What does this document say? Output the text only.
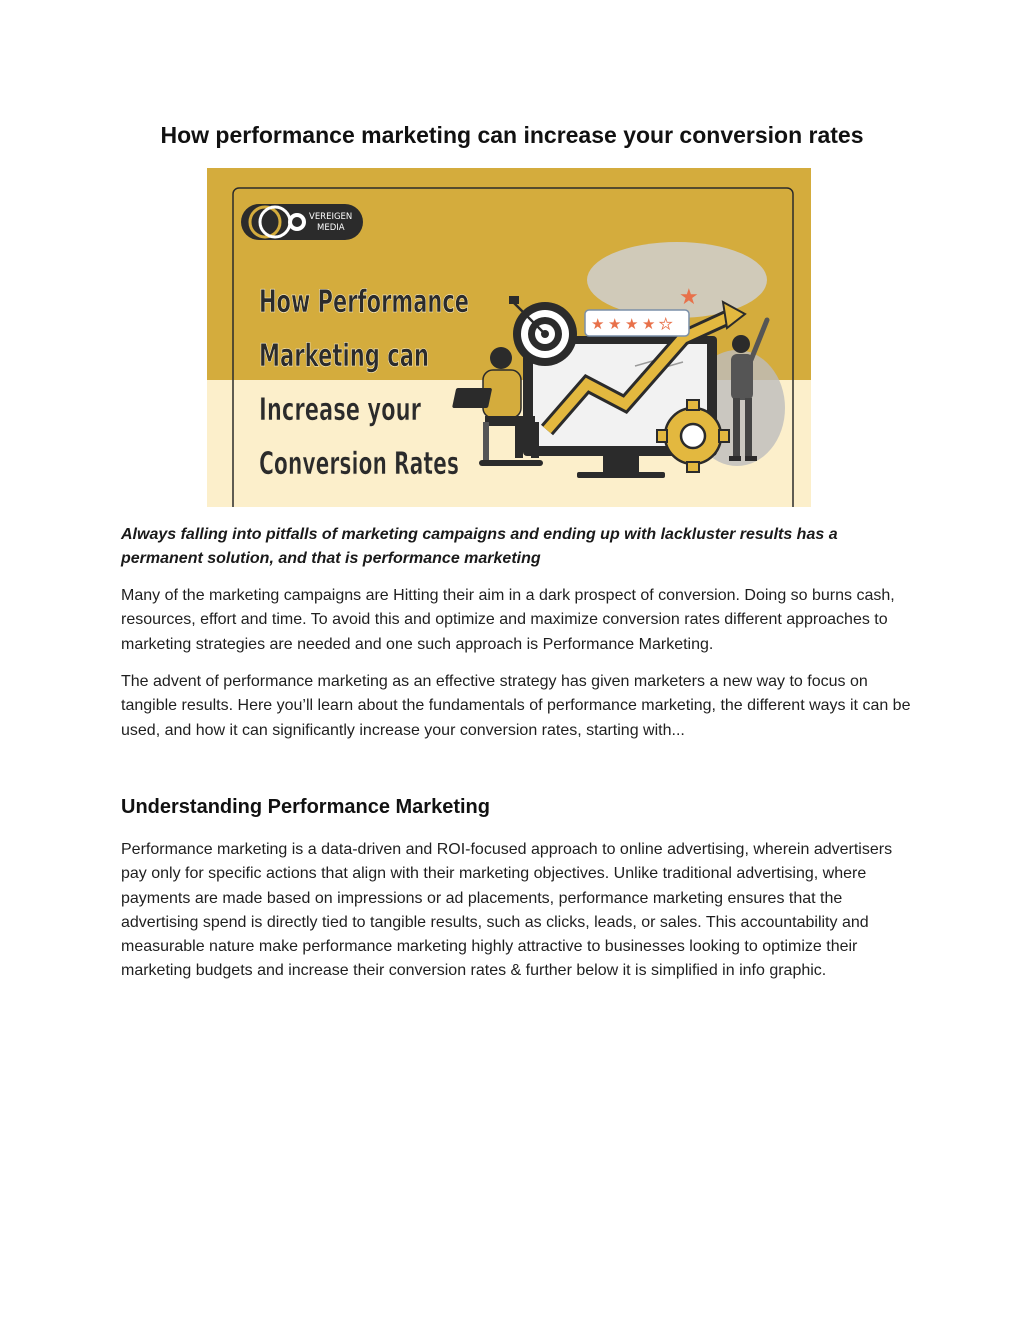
How performance marketing can increase your conversion rates
VEREIGEN
MEDIA
How Performance
Marketing can
Increase your
Conversion Rates
★ ★ ★ ★ ★
★

Always falling into pitfalls of marketing campaigns and ending up with lackluster results has a permanent solution, and that is performance marketing

Many of the marketing campaigns are Hitting their aim in a dark prospect of conversion. Doing so burns cash, resources, effort and time. To avoid this and optimize and maximize conversion rates different approaches to marketing strategies are needed and one such approach is Performance Marketing.

The advent of performance marketing as an effective strategy has given marketers a new way to focus on tangible results. Here you’ll learn about the fundamentals of performance marketing, the different ways it can be used, and how it can significantly increase your conversion rates, starting with...

Understanding Performance Marketing

Performance marketing is a data-driven and ROI-focused approach to online advertising, wherein advertisers pay only for specific actions that align with their marketing objectives. Unlike traditional advertising, where payments are made based on impressions or ad placements, performance marketing ensures that the advertising spend is directly tied to tangible results, such as clicks, leads, or sales. This accountability and measurable nature make performance marketing highly attractive to businesses looking to optimize their marketing budgets and increase their conversion rates & further below it is simplified in info graphic.
